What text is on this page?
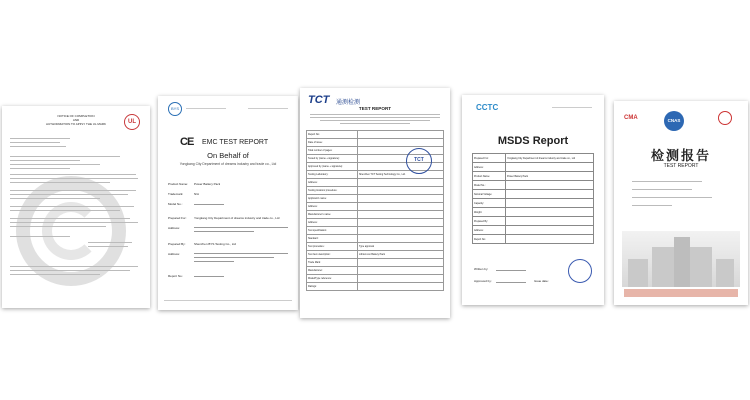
UL
NOTICE OF COMPLETION
AND
AUTHORIZATION TO APPLY THE UL MARK
BYS
CE EMC TEST REPORT
On Behalf of
Yongkang City Department of dreams industry and trade co., Ltd
Product Name: Power Battery Pack
Trademark:	N/A
Model No.:
Prepared For: Yongkang City Department of dreams industry and trade co., Ltd
Address:
Prepared By:	Shenzhen BYS Testing Co., Ltd
Address:
Report No.:
TCT 通测检测
TEST REPORT
Report No.:	
Date of issue:	
Total number of pages:	
Tested by (name + signature):	
Approved by (name + signature):	
Testing Laboratory:	Shenzhen TCT Testing Technology Co., Ltd.
Address:	
Testing location/ procedure:	
Applicant's name:	
Address:	
Manufacturer's name:	
Address:	
Test specification:	
Standard:	
Test procedure:	Type approval
Test Item description:	Lithium-ion Battery Pack
Trade Mark:	
Manufacturer:	
Model/Type reference:	
Ratings:	
TCT
CCTC
MSDS Report
Prepared For:	Yongkang City Department of dreams industry and trade co., Ltd
Address:	
Product Name:	Power Battery Pack
Model No.:	
Nominal Voltage:	
Capacity:	
Weight:	
Prepared By:	
Address:	
Report No.:	
Written by:
Approved by:	Issue date:
CMA	CNAS
检测报告
TEST REPORT
